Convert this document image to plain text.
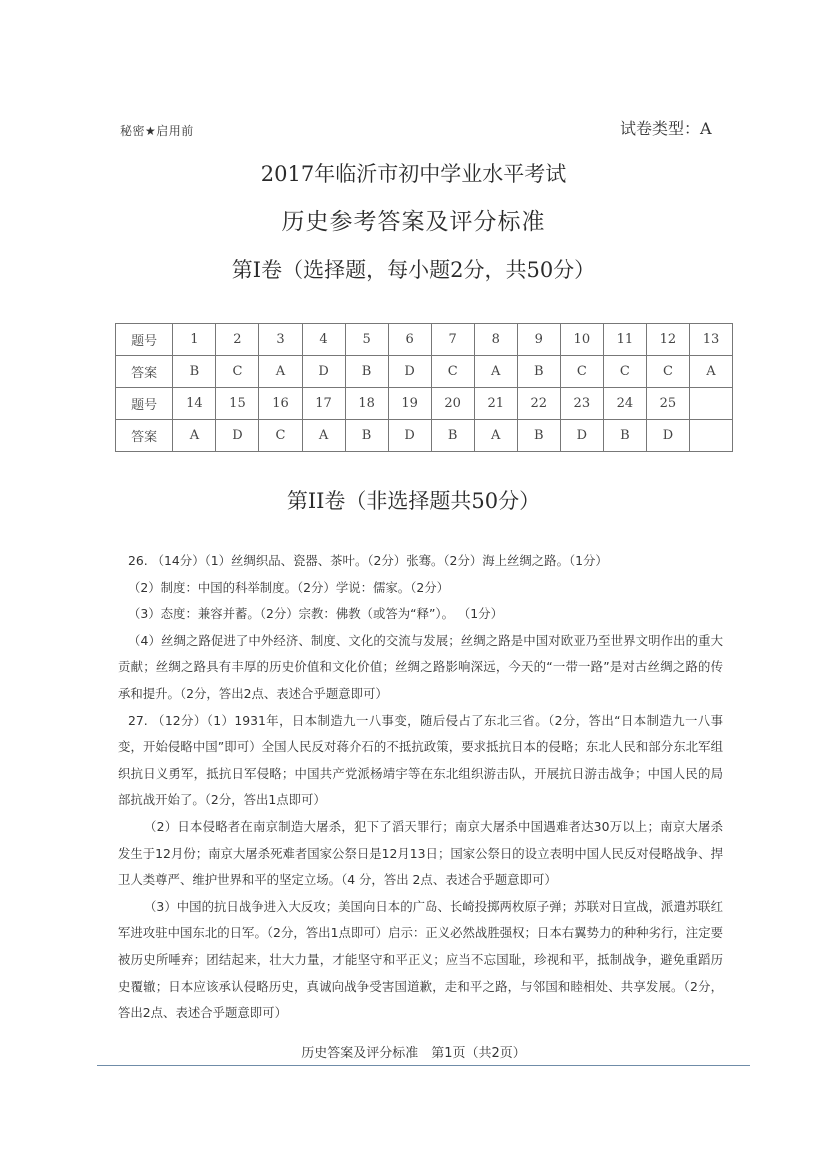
秘密★启用前	试卷类型：A
2017年临沂市初中学业水平考试
历史参考答案及评分标准
第I卷（选择题，每小题2分，共50分）
题号	1	2	3	4	5	6	7	8	9	10	11	12	13
答案	B	C	A	D	B	D	C	A	B	C	C	C	A
题号	14	15	16	17	18	19	20	21	22	23	24	25	
答案	A	D	C	A	B	D	B	A	B	D	B	D	
第II卷（非选择题共50分）

26. （14分）（1）丝绸织品、瓷器、茶叶。（2分）张骞。（2分）海上丝绸之路。（1分）

（2）制度：中国的科举制度。（2分）学说：儒家。（2分）

（3）态度：兼容并蓄。（2分）宗教：佛教（或答为“释”）。 （1分）

（4）丝绸之路促进了中外经济、制度、文化的交流与发展；丝绸之路是中国对欧亚乃至世界文明作出的重大贡献；丝绸之路具有丰厚的历史价值和文化价值；丝绸之路影响深远，今天的“一带一路”是对古丝绸之路的传承和提升。（2分，答出2点、表述合乎题意即可）

27. （12分）（1）1931年，日本制造九一八事变，随后侵占了东北三省。（2分，答出“日本制造九一八事变，开始侵略中国”即可）全国人民反对蒋介石的不抵抗政策，要求抵抗日本的侵略；东北人民和部分东北军组织抗日义勇军，抵抗日军侵略；中国共产党派杨靖宇等在东北组织游击队，开展抗日游击战争；中国人民的局部抗战开始了。（2分，答出1点即可）

（2）日本侵略者在南京制造大屠杀，犯下了滔天罪行；南京大屠杀中国遇难者达30万以上；南京大屠杀发生于12月份；南京大屠杀死难者国家公祭日是12月13日；国家公祭日的设立表明中国人民反对侵略战争、捍卫人类尊严、维护世界和平的坚定立场。（4 分，答出 2点、表述合乎题意即可）

（3）中国的抗日战争进入大反攻；美国向日本的广岛、长崎投掷两枚原子弹；苏联对日宣战，派遣苏联红军进攻驻中国东北的日军。（2分，答出1点即可）启示：正义必然战胜强权；日本右翼势力的种种劣行，注定要被历史所唾弃；团结起来，壮大力量，才能坚守和平正义；应当不忘国耻，珍视和平，抵制战争，避免重蹈历史覆辙；日本应该承认侵略历史，真诚向战争受害国道歉，走和平之路，与邻国和睦相处、共享发展。（2分，答出2点、表述合乎题意即可）

历史答案及评分标准　第1页（共2页）
